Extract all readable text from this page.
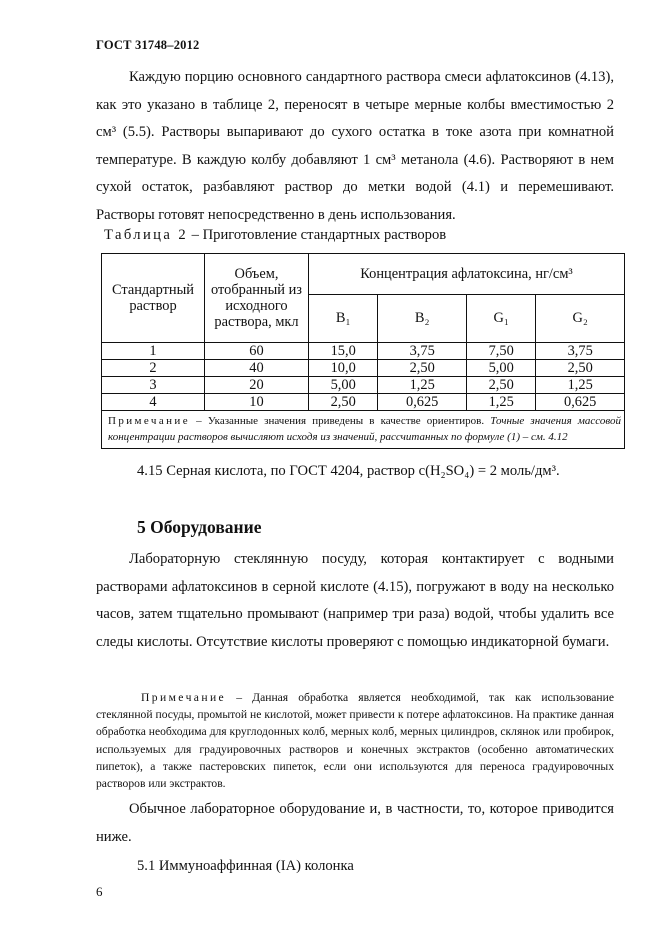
ГОСТ 31748–2012

Каждую порцию основного сандартного раствора смеси афлатоксинов (4.13), как это указано в таблице 2, переносят в четыре мерные колбы вместимостью 2 см³ (5.5). Растворы выпаривают до сухого остатка в токе азота при комнатной температуре. В каждую колбу добавляют 1 см³ метанола (4.6). Растворяют в нем сухой остаток, разбавляют раствор до метки водой (4.1) и перемешивают. Растворы готовят непосредственно в день использования.

Таблица 2 – Приготовление стандартных растворов
Стандартный раствор	Объем, отобранный из исходного раствора, мкл	Концентрация афлатоксина, нг/см³			
		B₁	B₂	G₁	G₂
1	60	15,0	3,75	7,50	3,75
2	40	10,0	2,50	5,00	2,50
3	20	5,00	1,25	2,50	1,25
4	10	2,50	0,625	1,25	0,625
Примечание – Указанные значения приведены в качестве ориентиров. Точные значения массовой концентрации растворов вычисляют исходя из значений, рассчитанных по формуле (1) – см. 4.12					
4.15 Серная кислота, по ГОСТ 4204, раствор c(H₂SO₄) = 2 моль/дм³.
5 Оборудование

Лабораторную стеклянную посуду, которая контактирует с водными растворами афлатоксинов в серной кислоте (4.15), погружают в воду на несколько часов, затем тщательно промывают (например три раза) водой, чтобы удалить все следы кислоты. Отсутствие кислоты проверяют с помощью индикаторной бумаги.

Примечание – Данная обработка является необходимой, так как использование стеклянной посуды, промытой не кислотой, может привести к потере афлатоксинов. На практике данная обработка необходима для круглодонных колб, мерных колб, мерных цилиндров, склянок или пробирок, используемых для градуировочных растворов и конечных экстрактов (особенно автоматических пипеток), а также пастеровских пипеток, если они используются для переноса градуировочных растворов или экстрактов.

Обычное лабораторное оборудование и, в частности, то, которое приводится ниже.

5.1 Иммуноаффинная (IA) колонка
6
